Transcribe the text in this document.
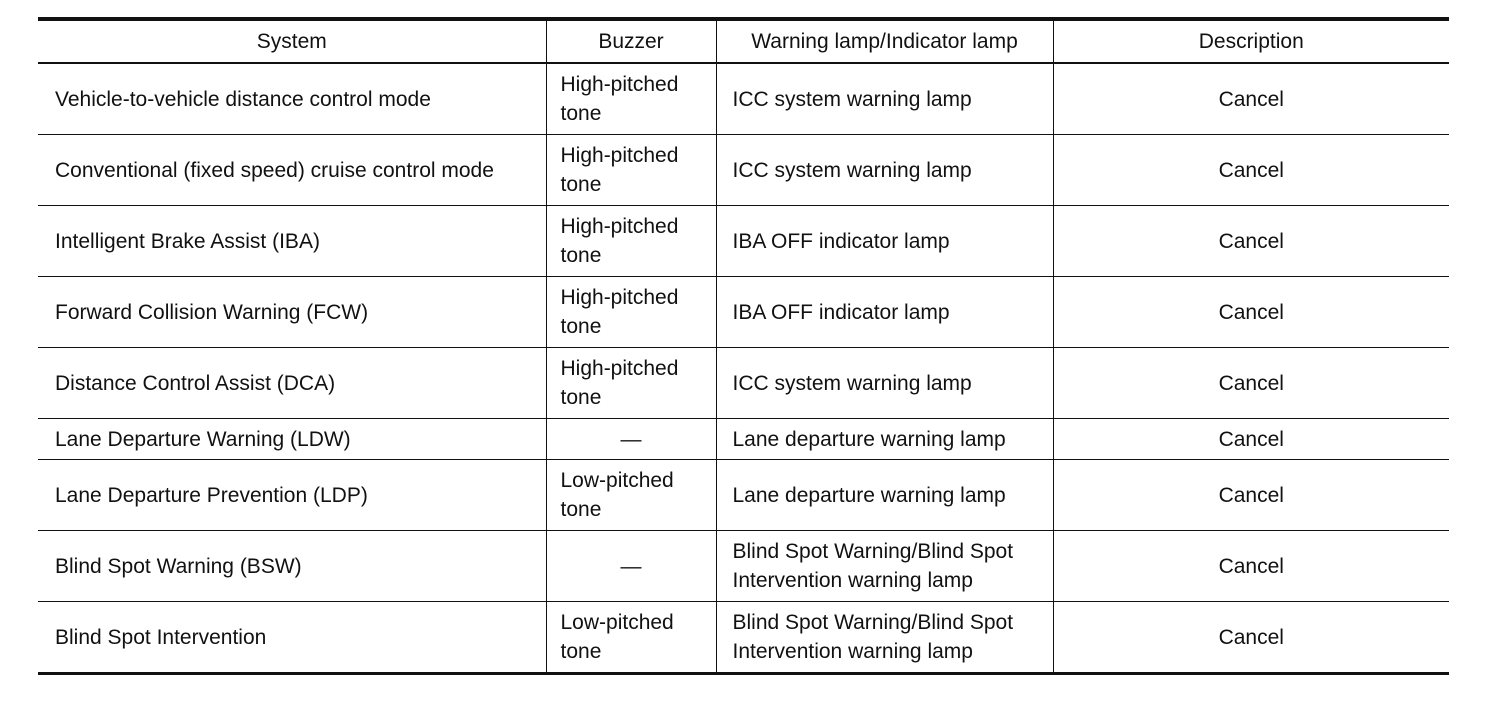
System	Buzzer	Warning lamp/Indicator lamp	Description
Vehicle-to-vehicle distance control mode	High-pitched tone	ICC system warning lamp	Cancel
Conventional (fixed speed) cruise control mode	High-pitched tone	ICC system warning lamp	Cancel
Intelligent Brake Assist (IBA)	High-pitched tone	IBA OFF indicator lamp	Cancel
Forward Collision Warning (FCW)	High-pitched tone	IBA OFF indicator lamp	Cancel
Distance Control Assist (DCA)	High-pitched tone	ICC system warning lamp	Cancel
Lane Departure Warning (LDW)	—	Lane departure warning lamp	Cancel
Lane Departure Prevention (LDP)	Low-pitched tone	Lane departure warning lamp	Cancel
Blind Spot Warning (BSW)	—	Blind Spot Warning/Blind Spot Intervention warning lamp	Cancel
Blind Spot Intervention	Low-pitched tone	Blind Spot Warning/Blind Spot Intervention warning lamp	Cancel
